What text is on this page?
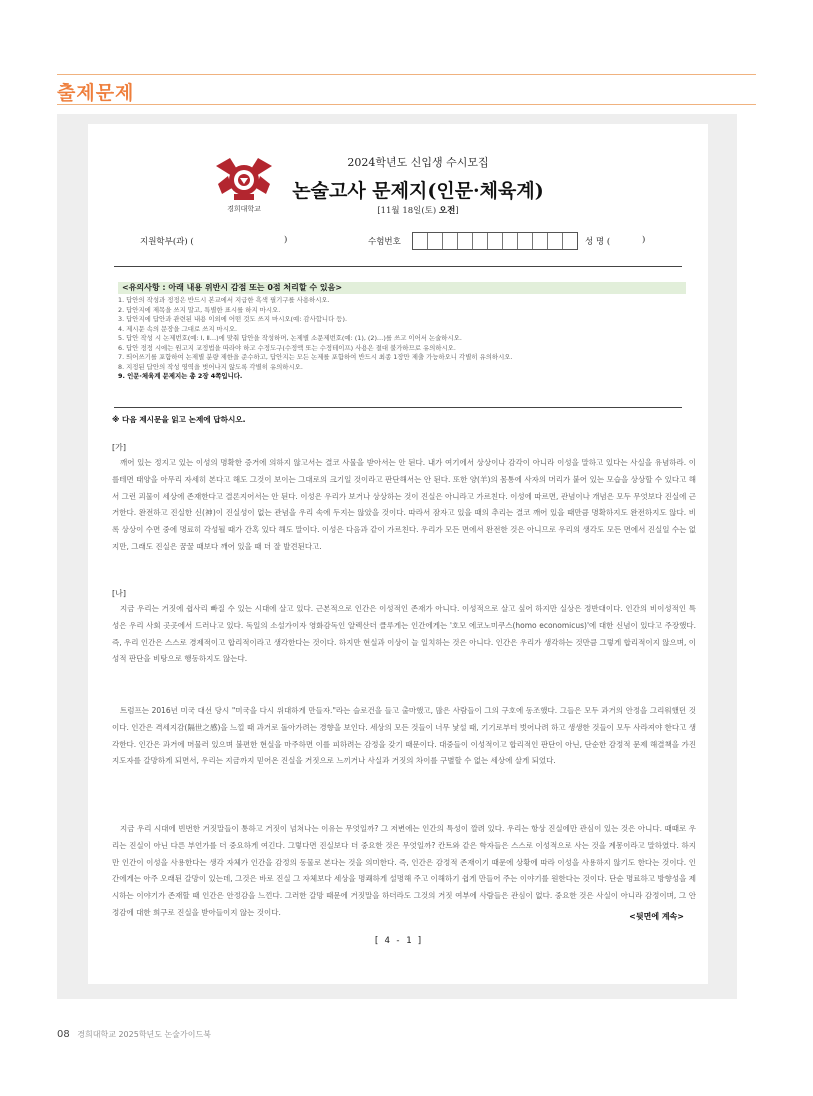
출제문제
경희대학교
2024학년도 신입생 수시모집
논술고사 문제지(인문·체육계)
[11월 18일(토) 오전]
지원학부(과) (	)	수험번호	성 명 (	)
<유의사항 : 아래 내용 위반시 감점 또는 0점 처리할 수 있음>
1. 답안의 작성과 정정은 반드시 본교에서 지급한 흑색 필기구를 사용하시오.
2. 답안지에 제목을 쓰지 말고, 특별한 표시를 하지 마시오.
3. 답안지에 답안과 관련된 내용 이외에 어떤 것도 쓰지 마시오(예: 감사합니다 등).
4. 제시문 속의 문장을 그대로 쓰지 마시오.
5. 답안 작성 시 논제번호(예: Ⅰ, Ⅱ…)에 맞춰 답안을 작성하며, 논제별 소문제번호(예: (1), (2)…)를 쓰고 이어서 논술하시오.
6. 답안 정정 시에는 원고지 교정법을 따라야 하고 수정도구(수정액 또는 수정테이프) 사용은 절대 불가하므로 유의하시오.
7. 띄어쓰기를 포함하여 논제별 분량 제한을 준수하고, 답안지는 모든 논제를 포함하여 반드시 최종 1장만 제출 가능하오니 각별히 유의하시오.
8. 지정된 답안의 작성 영역을 벗어나지 않도록 각별히 유의하시오.
9. 인문·체육계 문제지는 총 2장 4쪽입니다.
※ 다음 제시문을 읽고 논제에 답하시오.
[가]
깨어 있는 정지고 있는 이성의 명확한 증거에 의하지 않고서는 결코 사물을 받아서는 안 된다. 내가 여기에서 상상이나 감각이 아니라 이성을 말하고 있다는 사실을 유념하라. 이를테면 태양을 아무리 자세히 본다고 해도 그것이 보이는 그대로의 크기일 것이라고 판단해서는 안 된다. 또한 양(羊)의 몸통에 사자의 머리가 붙어 있는 모습을 상상할 수 있다고 해서 그런 괴물이 세상에 존재한다고 결론지어서는 안 된다. 이성은 우리가 보거나 상상하는 것이 진실은 아니라고 가르친다. 이성에 따르면, 관념이나 개념은 모두 무엇보다 진실에 근거한다. 완전하고 진실한 신(神)이 진실성이 없는 관념을 우리 속에 두지는 않았을 것이다. 따라서 잠자고 있을 때의 추리는 결코 깨어 있을 때만큼 명확하지도 완전하지도 않다. 비록 상상이 수면 중에 명료히 각성될 때가 간혹 있다 해도 말이다. 이성은 다음과 같이 가르친다. 우리가 모든 면에서 완전한 것은 아니므로 우리의 생각도 모든 면에서 진실일 수는 없지만, 그래도 진실은 꿈꿀 때보다 깨어 있을 때 더 잘 발견된다고.
[나]
지금 우리는 거짓에 쉽사리 빠질 수 있는 시대에 살고 있다. 근본적으로 인간은 이성적인 존재가 아니다. 이성적으로 살고 싶어 하지만 실상은 정반대이다. 인간의 비이성적인 특성은 우리 사회 곳곳에서 드러나고 있다. 독일의 소설가이자 영화감독인 알렉산더 클루게는 인간에게는 '호모 에코노미쿠스(homo economicus)'에 대한 신념이 있다고 주장했다. 즉, 우리 인간은 스스로 경제적이고 합리적이라고 생각한다는 것이다. 하지만 현실과 이상이 늘 일치하는 것은 아니다. 인간은 우리가 생각하는 것만큼 그렇게 합리적이지 않으며, 이성적 판단을 비탕으로 행동하지도 않는다.
트럼프는 2016년 미국 대선 당시 "미국을 다시 위대하게 만들자."라는 슬로건을 들고 출마했고, 많은 사람들이 그의 구호에 동조했다. 그들은 모두 과거의 안정을 그리워했던 것이다. 인간은 격세지감(隔世之感)을 느낄 때 과거로 돌아가려는 경향을 보인다. 세상의 모든 것들이 너무 낯설 때, 기기로부터 벗어나려 하고 생생한 것들이 모두 사라져야 한다고 생각한다. 인간은 과거에 머물러 있으며 불편한 현실을 마주하면 이를 피하려는 감정을 갖기 때문이다. 대중들이 이성적이고 합리적인 판단이 아닌, 단순한 감정적 문제 해결책을 가진 지도자를 갈망하게 되면서, 우리는 지금까지 믿어온 진실을 거짓으로 느끼거나 사실과 거짓의 차이를 구별할 수 없는 세상에 살게 되었다.
지금 우리 시대에 빈번한 거짓말들이 통하고 거짓이 넘쳐나는 이유는 무엇일까? 그 저변에는 인간의 특성이 깔려 있다. 우리는 항상 진실에만 관심이 있는 것은 아니다. 때때로 우리는 진실이 아닌 다른 부언가를 더 중요하게 여긴다. 그렇다면 진실보다 더 중요한 것은 무엇일까? 칸트와 같은 학자들은 스스로 이성적으로 사는 것을 계몽이라고 말하였다. 하지만 인간이 이성을 사용한다는 생각 자체가 인간을 감정의 동물로 본다는 것을 의미한다. 즉, 인간은 감정적 존재이기 때문에 상황에 따라 이성을 사용하지 않기도 한다는 것이다. 인간에게는 아주 오래된 갈망이 있는데, 그것은 바로 진실 그 자체보다 세상을 명쾌하게 설명해 주고 이해하기 쉽게 만들어 주는 이야기를 원한다는 것이다. 단순 명료하고 방향성을 제시하는 이야기가 존재할 때 인간은 안정감을 느낀다. 그러한 갈망 때문에 거짓말을 하더라도 그것의 거짓 여부에 사람들은 관심이 없다. 중요한 것은 사실이 아니라 감정이며, 그 안정감에 대한 희구로 진실을 받아들이지 않는 것이다.	<뒷면에 계속>
[ 4 - 1 ]
08 경희대학교 2025학년도 논술가이드북
